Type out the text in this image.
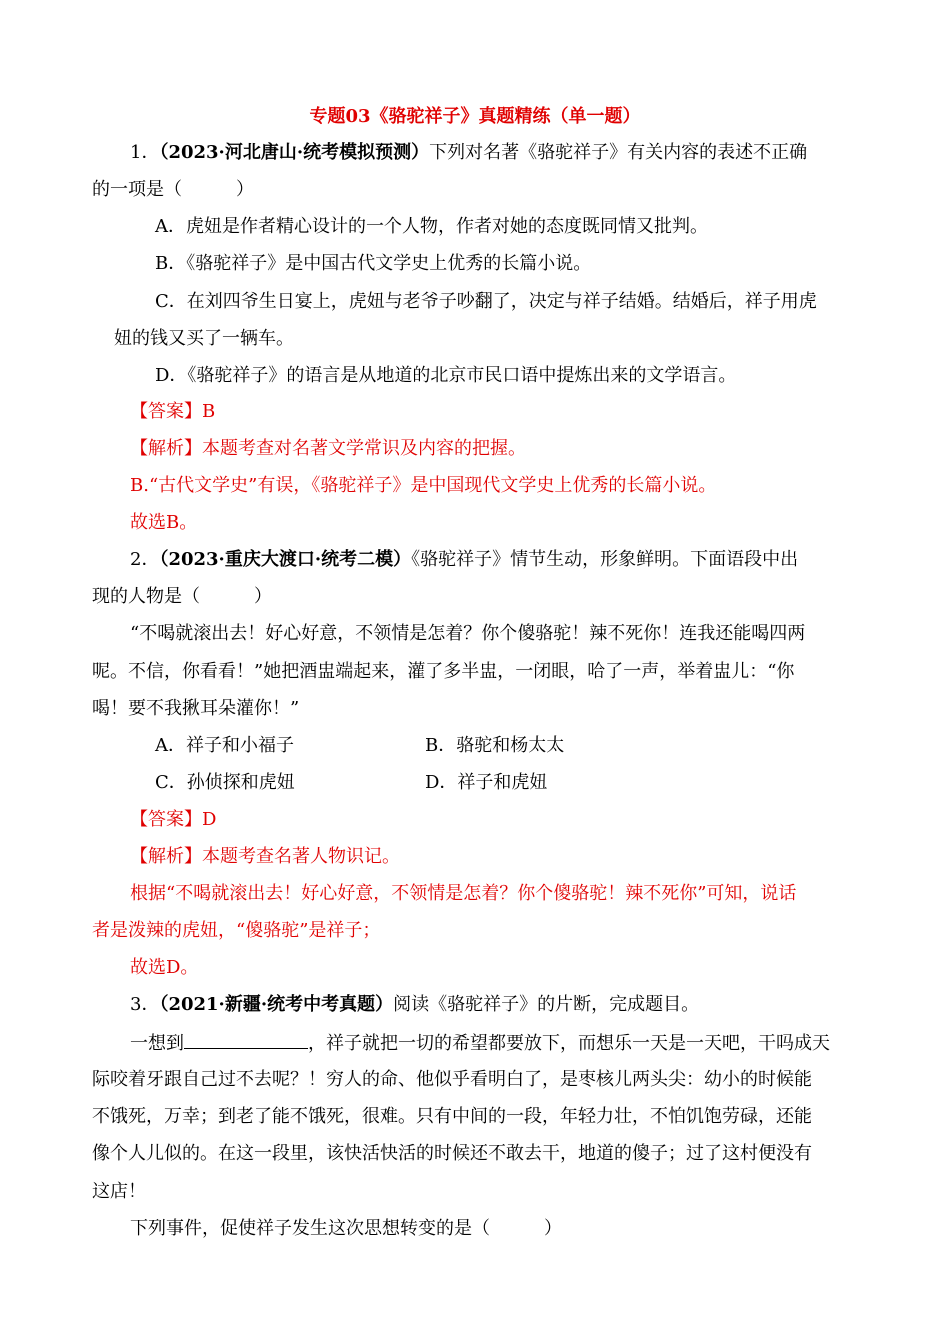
专题03《骆驼祥子》真题精练（单一题）
1．（2023·河北唐山·统考模拟预测）下列对名著《骆驼祥子》有关内容的表述不正确
的一项是（　　　）
A．虎妞是作者精心设计的一个人物，作者对她的态度既同情又批判。
B．《骆驼祥子》是中国古代文学史上优秀的长篇小说。
C．在刘四爷生日宴上，虎妞与老爷子吵翻了，决定与祥子结婚。结婚后，祥子用虎
妞的钱又买了一辆车。
D．《骆驼祥子》的语言是从地道的北京市民口语中提炼出来的文学语言。
【答案】B
【解析】本题考查对名著文学常识及内容的把握。
B.“古代文学史”有误，《骆驼祥子》是中国现代文学史上优秀的长篇小说。
故选B。
2．（2023·重庆大渡口·统考二模）《骆驼祥子》情节生动，形象鲜明。下面语段中出
现的人物是（　　　）
“不喝就滚出去！好心好意，不领情是怎着？你个傻骆驼！辣不死你！连我还能喝四两
呢。不信，你看看！”她把酒盅端起来，灌了多半盅，一闭眼，哈了一声，举着盅儿：“你
喝！要不我揪耳朵灌你！”
A．祥子和小福子	B．骆驼和杨太太
C．孙侦探和虎妞	D．祥子和虎妞
【答案】D
【解析】本题考查名著人物识记。
根据“不喝就滚出去！好心好意，不领情是怎着？你个傻骆驼！辣不死你”可知，说话
者是泼辣的虎妞，“傻骆驼”是祥子；
故选D。
3．（2021·新疆·统考中考真题）阅读《骆驼祥子》的片断，完成题目。
一想到	，祥子就把一切的希望都要放下，而想乐一天是一天吧，干吗成天
际咬着牙跟自己过不去呢？！穷人的命、他似乎看明白了，是枣核儿两头尖：幼小的时候能
不饿死，万幸；到老了能不饿死，很难。只有中间的一段，年轻力壮，不怕饥饱劳碌，还能
像个人儿似的。在这一段里，该快活快活的时候还不敢去干，地道的傻子；过了这村便没有
这店！
下列事件，促使祥子发生这次思想转变的是（　　　）
